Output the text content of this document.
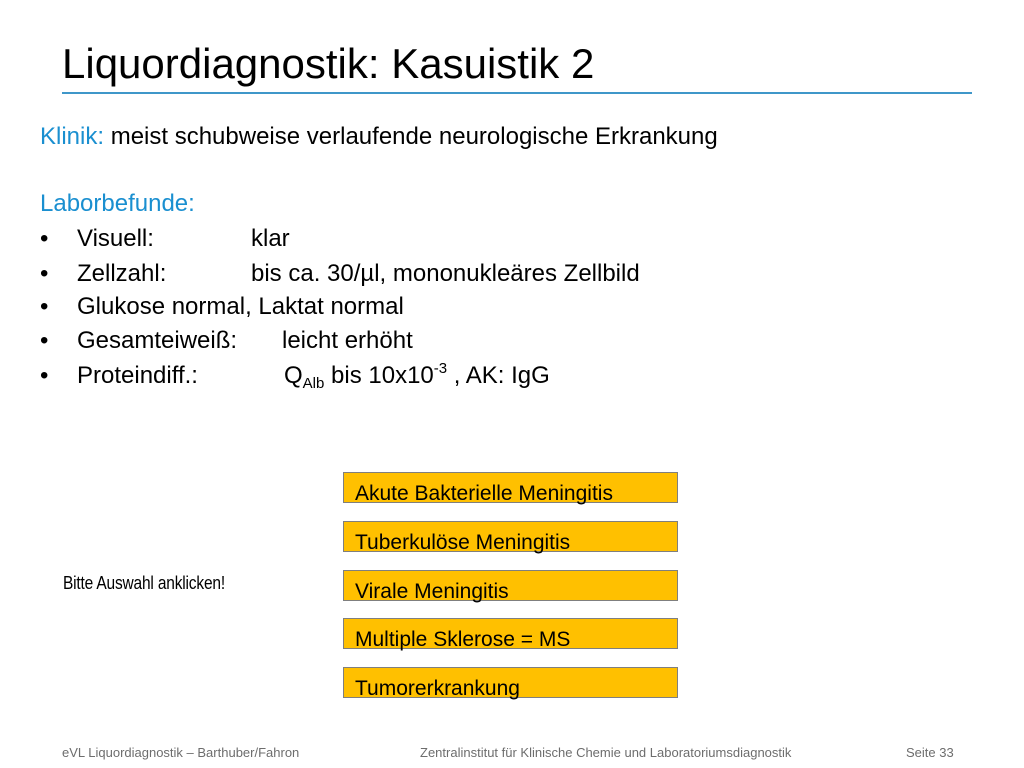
Liquordiagnostik: Kasuistik 2
Klinik: meist schubweise verlaufende neurologische Erkrankung
Laborbefunde:
• Visuell:	klar
• Zellzahl:	bis ca. 30/µl, mononukleäres Zellbild
• Glukose normal, Laktat normal
• Gesamteiweiß: leicht erhöht
• Proteindiff.:	$Q_{Alb}$ bis $10x10^{-3}$ , AK: IgG
Bitte Auswahl anklicken!
Akute Bakterielle Meningitis
Tuberkulöse Meningitis
Virale Meningitis
Multiple Sklerose = MS
Tumorerkrankung
eVL Liquordiagnostik – Barthuber/Fahron	Zentralinstitut für Klinische Chemie und Laboratoriumsdiagnostik	Seite 33
